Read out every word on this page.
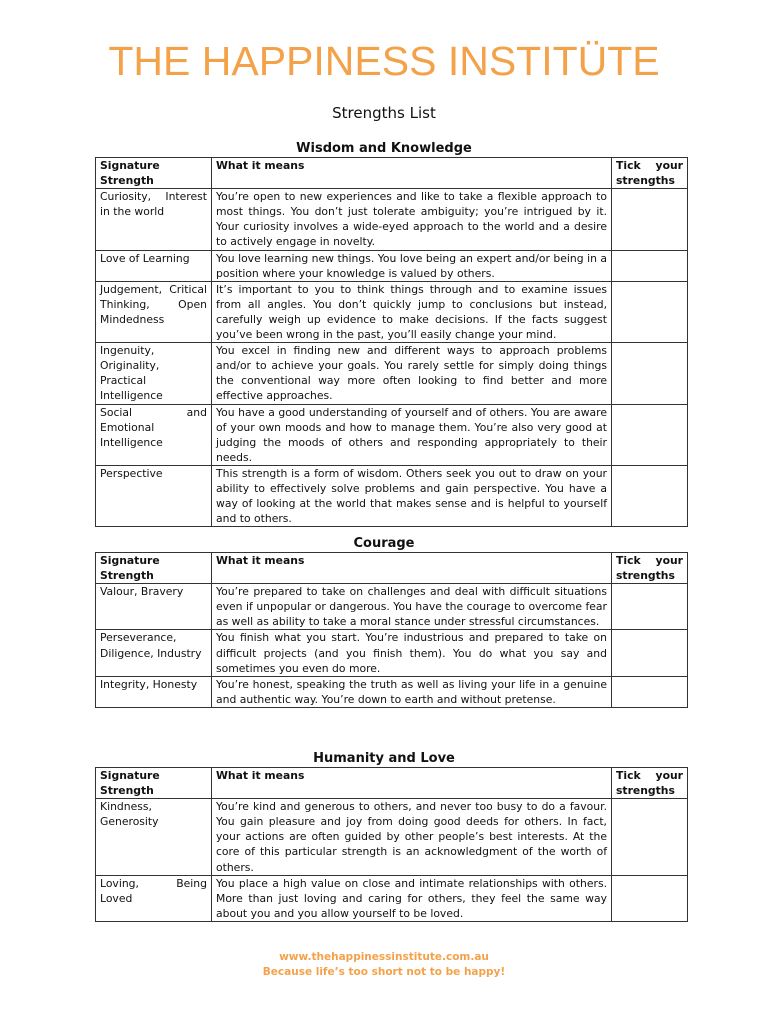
THE HAPPINESS INSTITÜTE
Strengths List
Wisdom and Knowledge
Signature Strength	What it means	Tick your strengths
Curiosity, Interest in the world	You’re open to new experiences and like to take a flexible approach to most things. You don’t just tolerate ambiguity; you’re intrigued by it. Your curiosity involves a wide-eyed approach to the world and a desire to actively engage in novelty.	
Love of Learning	You love learning new things. You love being an expert and/or being in a position where your knowledge is valued by others.	
Judgement, Critical Thinking, Open Mindedness	It’s important to you to think things through and to examine issues from all angles. You don’t quickly jump to conclusions but instead, carefully weigh up evidence to make decisions. If the facts suggest you’ve been wrong in the past, you’ll easily change your mind.	
Ingenuity, Originality, Practical Intelligence	You excel in finding new and different ways to approach problems and/or to achieve your goals. You rarely settle for simply doing things the conventional way more often looking to find better and more effective approaches.	
Social and Emotional Intelligence	You have a good understanding of yourself and of others. You are aware of your own moods and how to manage them. You’re also very good at judging the moods of others and responding appropriately to their needs.	
Perspective	This strength is a form of wisdom. Others seek you out to draw on your ability to effectively solve problems and gain perspective. You have a way of looking at the world that makes sense and is helpful to yourself and to others.	
Courage
Signature Strength	What it means	Tick your strengths
Valour, Bravery	You’re prepared to take on challenges and deal with difficult situations even if unpopular or dangerous. You have the courage to overcome fear as well as ability to take a moral stance under stressful circumstances.	
Perseverance, Diligence, Industry	You finish what you start. You’re industrious and prepared to take on difficult projects (and you finish them). You do what you say and sometimes you even do more.	
Integrity, Honesty	You’re honest, speaking the truth as well as living your life in a genuine and authentic way. You’re down to earth and without pretense.	
Humanity and Love
Signature Strength	What it means	Tick your strengths
Kindness, Generosity	You’re kind and generous to others, and never too busy to do a favour. You gain pleasure and joy from doing good deeds for others. In fact, your actions are often guided by other people’s best interests. At the core of this particular strength is an acknowledgment of the worth of others.	
Loving, Being Loved	You place a high value on close and intimate relationships with others. More than just loving and caring for others, they feel the same way about you and you allow yourself to be loved.	
www.thehappinessinstitute.com.au
Because life’s too short not to be happy!
